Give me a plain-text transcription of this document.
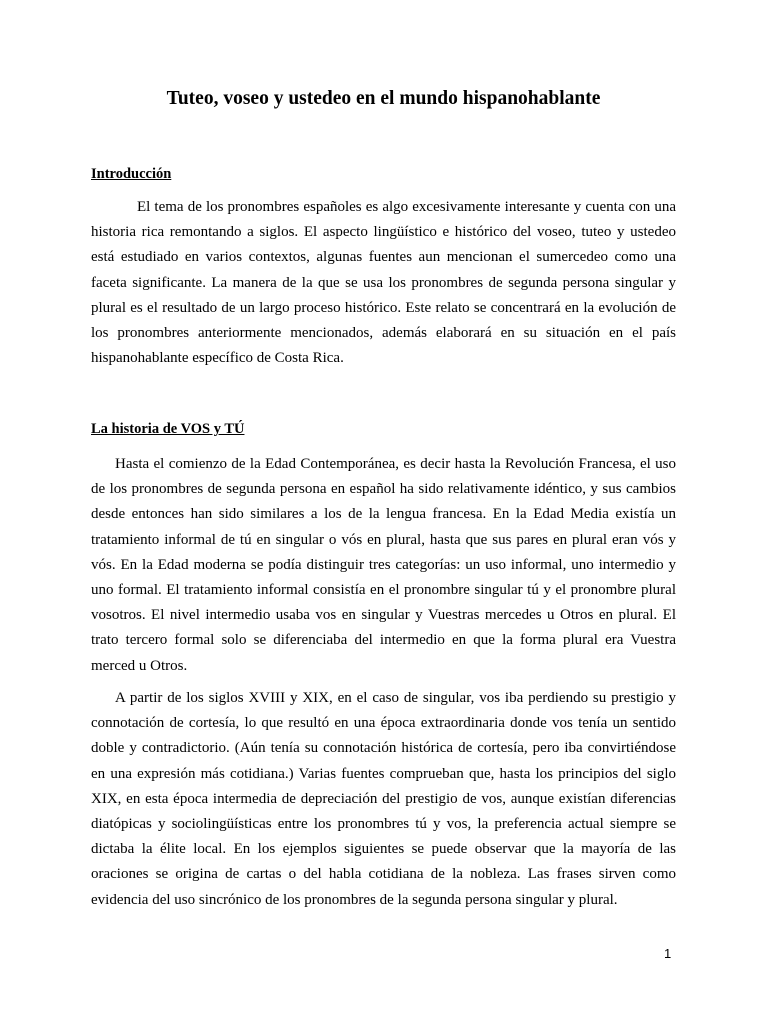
Tuteo, voseo y ustedeo en el mundo hispanohablante
Introducción

El tema de los pronombres españoles es algo excesivamente interesante y cuenta con una historia rica remontando a siglos. El aspecto lingüístico e histórico del voseo, tuteo y ustedeo está estudiado en varios contextos, algunas fuentes aun mencionan el sumercedeo como una faceta significante. La manera de la que se usa los pronombres de segunda persona singular y plural es el resultado de un largo proceso histórico. Este relato se concentrará en la evolución de los pronombres anteriormente mencionados, además elaborará en su situación en el país hispanohablante específico de Costa Rica.

La historia de VOS y TÚ

Hasta el comienzo de la Edad Contemporánea, es decir hasta la Revolución Francesa, el uso de los pronombres de segunda persona en español ha sido relativamente idéntico, y sus cambios desde entonces han sido similares a los de la lengua francesa. En la Edad Media existía un tratamiento informal de tú en singular o vós en plural, hasta que sus pares en plural eran vós y vós. En la Edad moderna se podía distinguir tres categorías: un uso informal, uno intermedio y uno formal. El tratamiento informal consistía en el pronombre singular tú y el pronombre plural vosotros. El nivel intermedio usaba vos en singular y Vuestras mercedes u Otros en plural. El trato tercero formal solo se diferenciaba del intermedio en que la forma plural era Vuestra merced u Otros.

A partir de los siglos XVIII y XIX, en el caso de singular, vos iba perdiendo su prestigio y connotación de cortesía, lo que resultó en una época extraordinaria donde vos tenía un sentido doble y contradictorio. (Aún tenía su connotación histórica de cortesía, pero iba convirtiéndose en una expresión más cotidiana.) Varias fuentes comprueban que, hasta los principios del siglo XIX, en esta época intermedia de depreciación del prestigio de vos, aunque existían diferencias diatópicas y sociolingüísticas entre los pronombres tú y vos, la preferencia actual siempre se dictaba la élite local. En los ejemplos siguientes se puede observar que la mayoría de las oraciones se origina de cartas o del habla cotidiana de la nobleza. Las frases sirven como evidencia del uso sincrónico de los pronombres de la segunda persona singular y plural.

1
